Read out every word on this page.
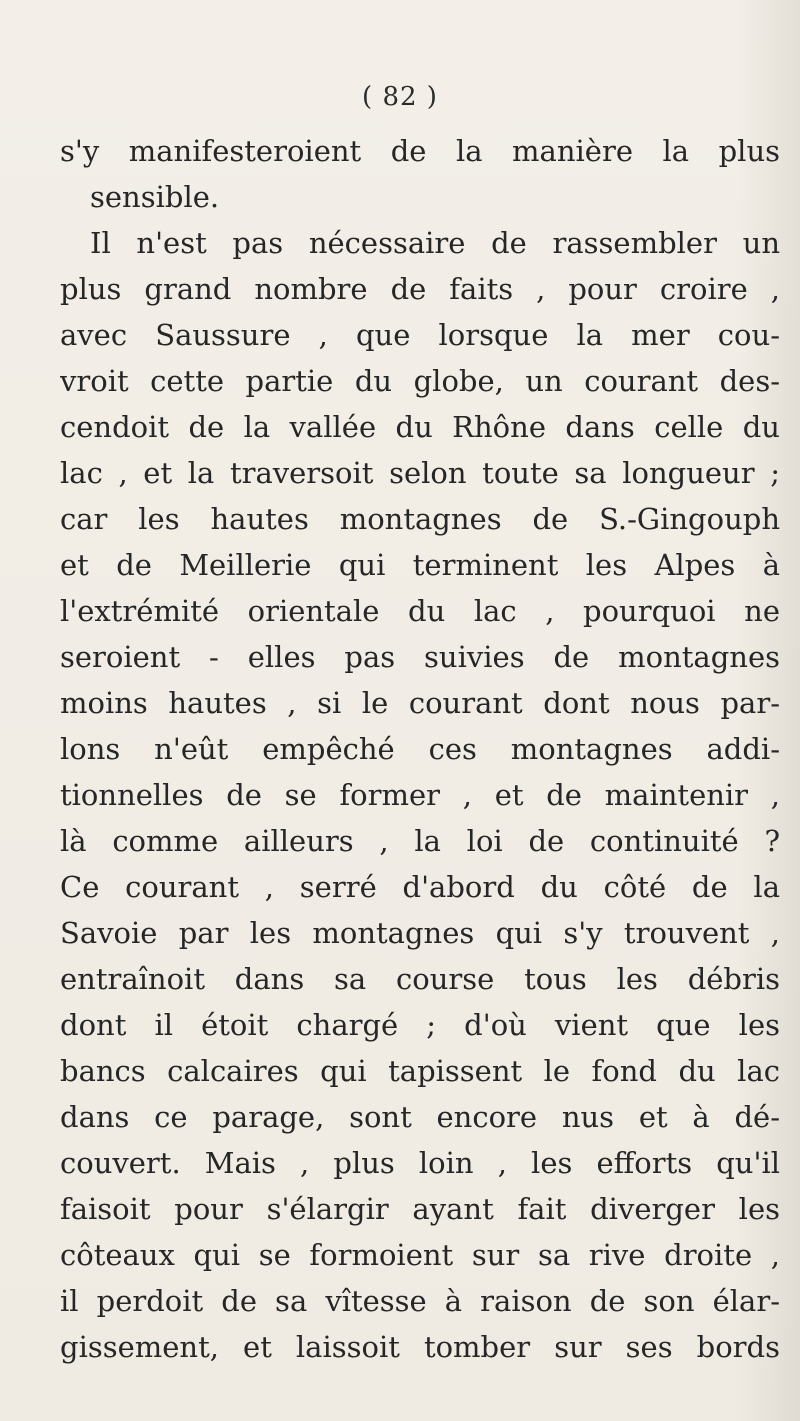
( 82 )
s'y manifesteroient de la manière la plus
sensible.
Il n'est pas nécessaire de rassembler un
plus grand nombre de faits , pour croire ,
avec Saussure , que lorsque la mer cou-
vroit cette partie du globe, un courant des-
cendoit de la vallée du Rhône dans celle du
lac , et la traversoit selon toute sa longueur ;
car les hautes montagnes de S.-Gingouph
et de Meillerie qui terminent les Alpes à
l'extrémité orientale du lac , pourquoi ne
seroient - elles pas suivies de montagnes
moins hautes , si le courant dont nous par-
lons n'eût empêché ces montagnes addi-
tionnelles de se former , et de maintenir ,
là comme ailleurs , la loi de continuité ?
Ce courant , serré d'abord du côté de la
Savoie par les montagnes qui s'y trouvent ,
entraînoit dans sa course tous les débris
dont il étoit chargé ; d'où vient que les
bancs calcaires qui tapissent le fond du lac
dans ce parage, sont encore nus et à dé-
couvert. Mais , plus loin , les efforts qu'il
faisoit pour s'élargir ayant fait diverger les
côteaux qui se formoient sur sa rive droite ,
il perdoit de sa vîtesse à raison de son élar-
gissement, et laissoit tomber sur ses bords
